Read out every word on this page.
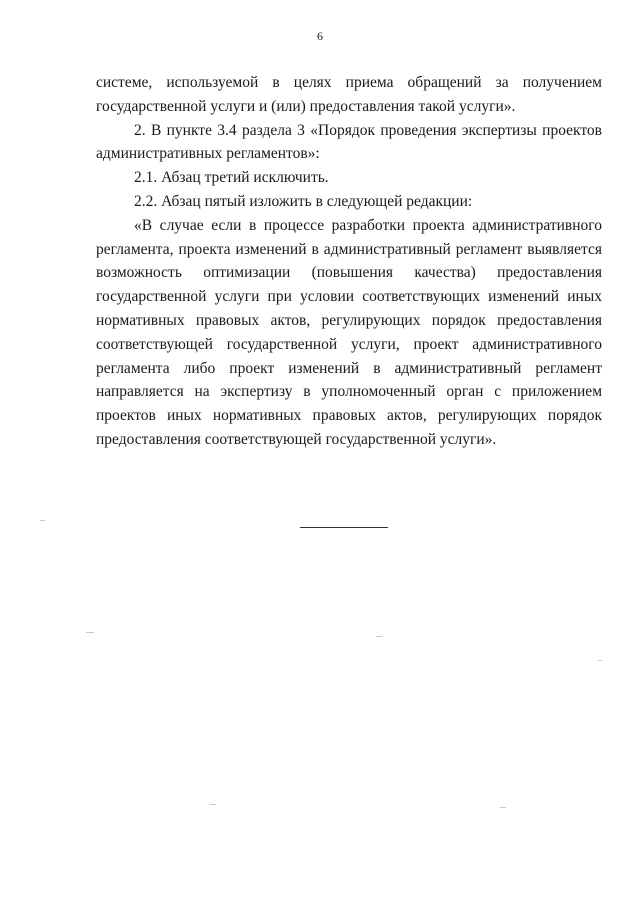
6

системе, используемой в целях приема обращений за получением государственной услуги и (или) предоставления такой услуги».

2. В пункте 3.4 раздела 3 «Порядок проведения экспертизы проектов административных регламентов»:

2.1. Абзац третий исключить.

2.2. Абзац пятый изложить в следующей редакции:

«В случае если в процессе разработки проекта административного регламента, проекта изменений в административный регламент выявляется возможность оптимизации (повышения качества) предоставления государственной услуги при условии соответствующих изменений иных нормативных правовых актов, регулирующих порядок предоставления соответствующей государственной услуги, проект административного регламента либо проект изменений в административный регламент направляется на экспертизу в уполномоченный орган с приложением проектов иных нормативных правовых актов, регулирующих порядок предоставления соответствующей государственной услуги».
